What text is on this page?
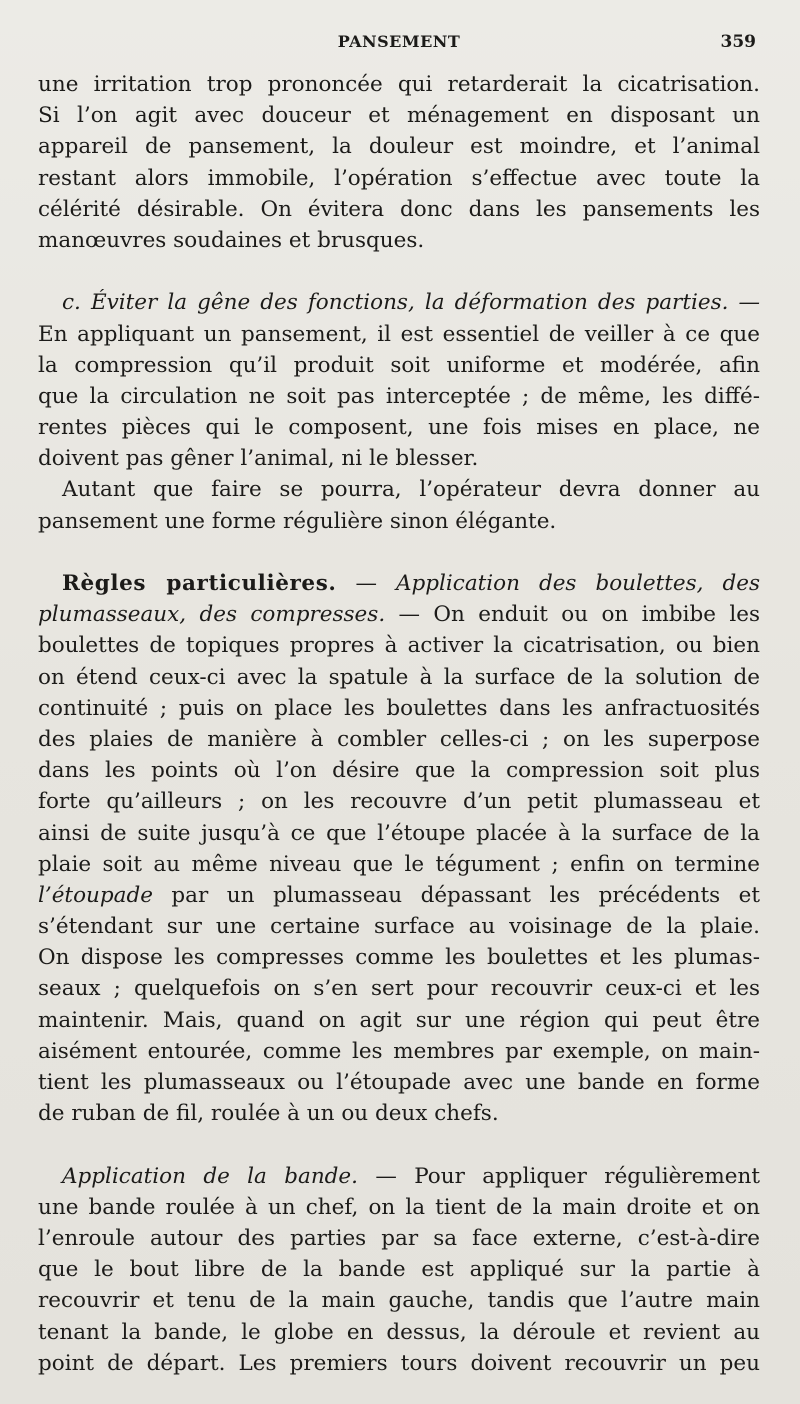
PANSEMENT	359
une irritation trop prononcée qui retarderait la cicatrisation.
Si l’on agit avec douceur et ménagement en disposant un
appareil de pansement, la douleur est moindre, et l’animal
restant alors immobile, l’opération s’effectue avec toute la
célérité désirable. On évitera donc dans les pansements les
manœuvres soudaines et brusques.
c. Éviter la gêne des fonctions, la déformation des parties. —
En appliquant un pansement, il est essentiel de veiller à ce que
la compression qu’il produit soit uniforme et modérée, afin
que la circulation ne soit pas interceptée ; de même, les diffé-
rentes pièces qui le composent, une fois mises en place, ne
doivent pas gêner l’animal, ni le blesser.
Autant que faire se pourra, l’opérateur devra donner au
pansement une forme régulière sinon élégante.
Règles particulières. — Application des boulettes, des
plumasseaux, des compresses. — On enduit ou on imbibe les
boulettes de topiques propres à activer la cicatrisation, ou bien
on étend ceux-ci avec la spatule à la surface de la solution de
continuité ; puis on place les boulettes dans les anfractuosités
des plaies de manière à combler celles-ci ; on les superpose
dans les points où l’on désire que la compression soit plus
forte qu’ailleurs ; on les recouvre d’un petit plumasseau et
ainsi de suite jusqu’à ce que l’étoupe placée à la surface de la
plaie soit au même niveau que le tégument ; enfin on termine
l’étoupade par un plumasseau dépassant les précédents et
s’étendant sur une certaine surface au voisinage de la plaie.
On dispose les compresses comme les boulettes et les plumas-
seaux ; quelquefois on s’en sert pour recouvrir ceux-ci et les
maintenir. Mais, quand on agit sur une région qui peut être
aisément entourée, comme les membres par exemple, on main-
tient les plumasseaux ou l’étoupade avec une bande en forme
de ruban de fil, roulée à un ou deux chefs.
Application de la bande. — Pour appliquer régulièrement
une bande roulée à un chef, on la tient de la main droite et on
l’enroule autour des parties par sa face externe, c’est-à-dire
que le bout libre de la bande est appliqué sur la partie à
recouvrir et tenu de la main gauche, tandis que l’autre main
tenant la bande, le globe en dessus, la déroule et revient au
point de départ. Les premiers tours doivent recouvrir un peu
